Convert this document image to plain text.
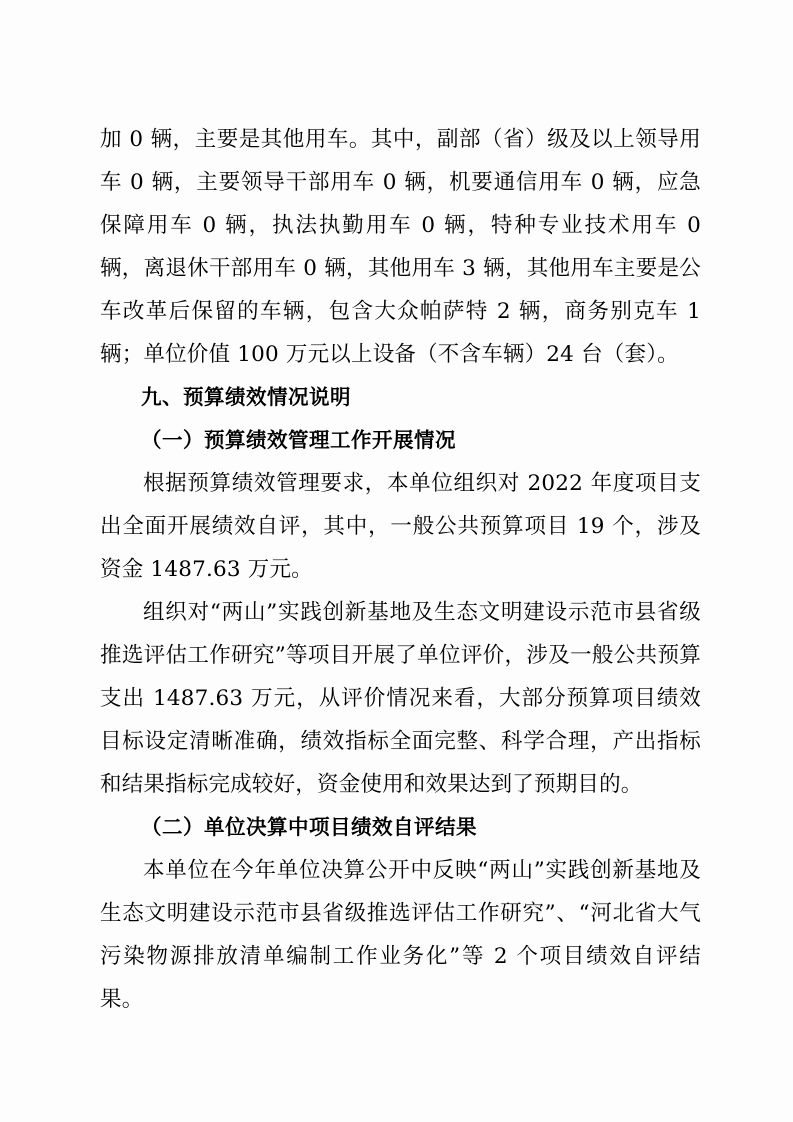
加 0 辆，主要是其他用车。其中，副部（省）级及以上领导用车 0 辆，主要领导干部用车 0 辆，机要通信用车 0 辆，应急保障用车 0 辆，执法执勤用车 0 辆，特种专业技术用车 0 辆，离退休干部用车 0 辆，其他用车 3 辆，其他用车主要是公车改革后保留的车辆，包含大众帕萨特 2 辆，商务别克车 1 辆；单位价值 100 万元以上设备（不含车辆）24 台（套）。

九、预算绩效情况说明

（一）预算绩效管理工作开展情况

根据预算绩效管理要求，本单位组织对 2022 年度项目支出全面开展绩效自评，其中，一般公共预算项目 19 个，涉及资金 1487.63 万元。

组织对“两山”实践创新基地及生态文明建设示范市县省级推选评估工作研究”等项目开展了单位评价，涉及一般公共预算支出 1487.63 万元，从评价情况来看，大部分预算项目绩效目标设定清晰准确，绩效指标全面完整、科学合理，产出指标和结果指标完成较好，资金使用和效果达到了预期目的。

（二）单位决算中项目绩效自评结果

本单位在今年单位决算公开中反映“两山”实践创新基地及生态文明建设示范市县省级推选评估工作研究”、“河北省大气污染物源排放清单编制工作业务化”等 2 个项目绩效自评结果。
